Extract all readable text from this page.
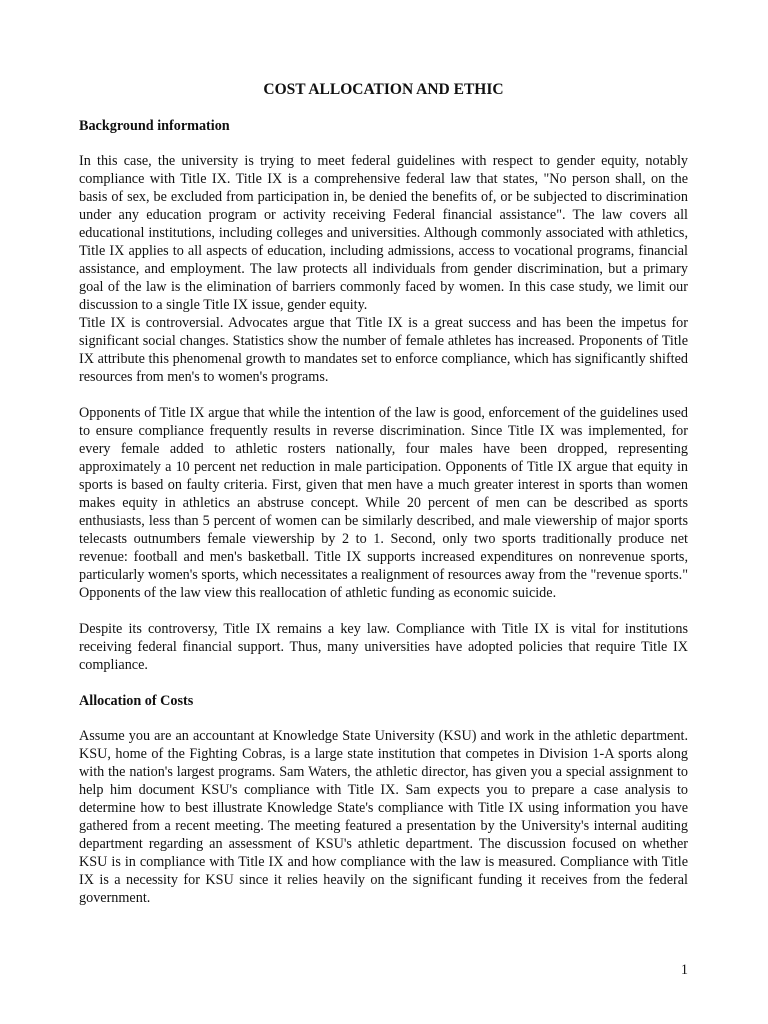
COST ALLOCATION AND ETHIC
Background information

In this case, the university is trying to meet federal guidelines with respect to gender equity, notably compliance with Title IX. Title IX is a comprehensive federal law that states, "No person shall, on the basis of sex, be excluded from participation in, be denied the benefits of, or be subjected to discrimination under any education program or activity receiving Federal financial assistance". The law covers all educational institutions, including colleges and universities. Although commonly associated with athletics, Title IX applies to all aspects of education, including admissions, access to vocational programs, financial assistance, and employment. The law protects all individuals from gender discrimination, but a primary goal of the law is the elimination of barriers commonly faced by women. In this case study, we limit our discussion to a single Title IX issue, gender equity.

Title IX is controversial. Advocates argue that Title IX is a great success and has been the impetus for significant social changes. Statistics show the number of female athletes has increased. Proponents of Title IX attribute this phenomenal growth to mandates set to enforce compliance, which has significantly shifted resources from men's to women's programs.

Opponents of Title IX argue that while the intention of the law is good, enforcement of the guidelines used to ensure compliance frequently results in reverse discrimination. Since Title IX was implemented, for every female added to athletic rosters nationally, four males have been dropped, representing approximately a 10 percent net reduction in male participation. Opponents of Title IX argue that equity in sports is based on faulty criteria. First, given that men have a much greater interest in sports than women makes equity in athletics an abstruse concept. While 20 percent of men can be described as sports enthusiasts, less than 5 percent of women can be similarly described, and male viewership of major sports telecasts outnumbers female viewership by 2 to 1. Second, only two sports traditionally produce net revenue: football and men's basketball. Title IX supports increased expenditures on nonrevenue sports, particularly women's sports, which necessitates a realignment of resources away from the "revenue sports." Opponents of the law view this reallocation of athletic funding as economic suicide.

Despite its controversy, Title IX remains a key law. Compliance with Title IX is vital for institutions receiving federal financial support. Thus, many universities have adopted policies that require Title IX compliance.

Allocation of Costs

Assume you are an accountant at Knowledge State University (KSU) and work in the athletic department. KSU, home of the Fighting Cobras, is a large state institution that competes in Division 1-A sports along with the nation's largest programs. Sam Waters, the athletic director, has given you a special assignment to help him document KSU's compliance with Title IX. Sam expects you to prepare a case analysis to determine how to best illustrate Knowledge State's compliance with Title IX using information you have gathered from a recent meeting. The meeting featured a presentation by the University's internal auditing department regarding an assessment of KSU's athletic department. The discussion focused on whether KSU is in compliance with Title IX and how compliance with the law is measured. Compliance with Title IX is a necessity for KSU since it relies heavily on the significant funding it receives from the federal government.

1
